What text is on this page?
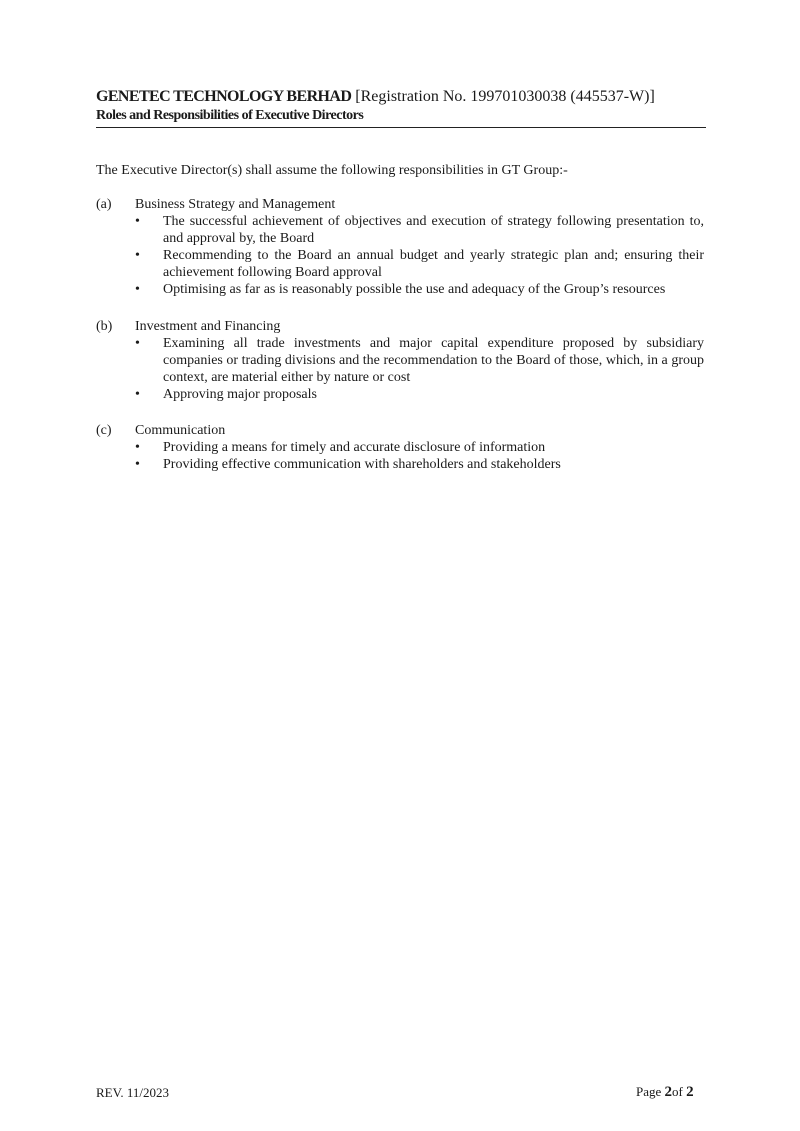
GENETEC TECHNOLOGY BERHAD [Registration No. 199701030038 (445537-W)]
Roles and Responsibilities of Executive Directors
The Executive Director(s) shall assume the following responsibilities in GT Group:-
(a)	Business Strategy and Management
•	The successful achievement of objectives and execution of strategy following presentation to, and approval by, the Board
•	Recommending to the Board an annual budget and yearly strategic plan and; ensuring their achievement following Board approval
•	Optimising as far as is reasonably possible the use and adequacy of the Group’s resources
(b)	Investment and Financing
•	Examining all trade investments and major capital expenditure proposed by subsidiary companies or trading divisions and the recommendation to the Board of those, which, in a group context, are material either by nature or cost
•	Approving major proposals
(c)	Communication
•	Providing a means for timely and accurate disclosure of information
•	Providing effective communication with shareholders and stakeholders
REV. 11/2023	Page 2of 2
